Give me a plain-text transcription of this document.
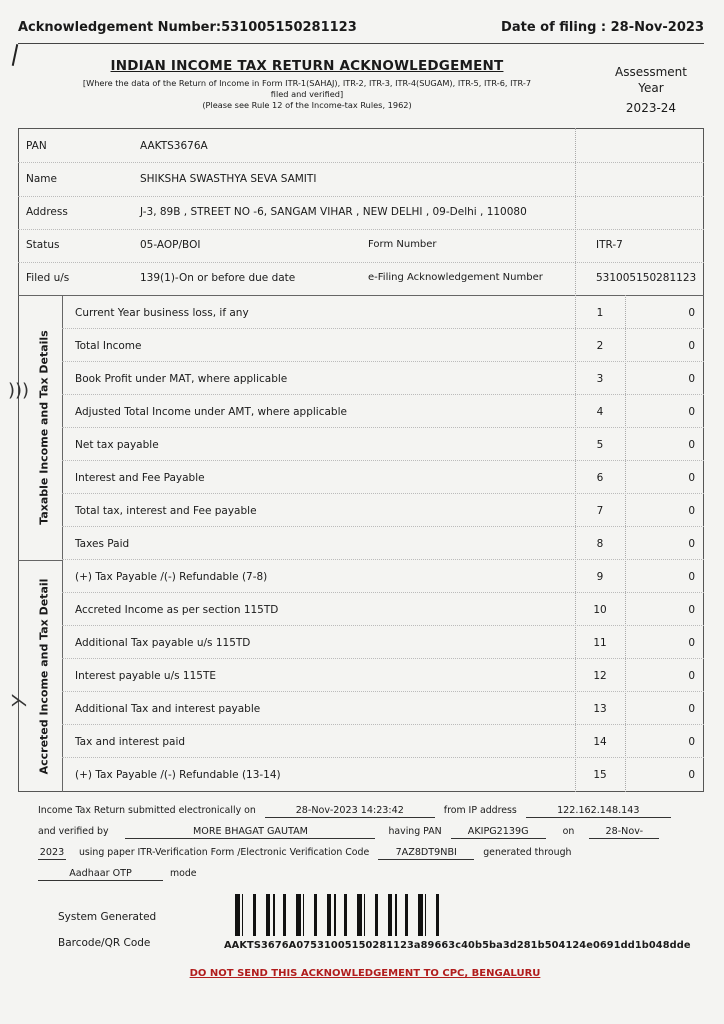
Acknowledgement Number:531005150281123	Date of filing : 28-Nov-2023
INDIAN INCOME TAX RETURN ACKNOWLEDGEMENT
[Where the data of the Return of Income in Form ITR-1(SAHAJ), ITR-2, ITR-3, ITR-4(SUGAM), ITR-5, ITR-6, ITR-7
filed and verified]
(Please see Rule 12 of the Income-tax Rules, 1962)
Assessment
Year
2023-24
PAN	AAKTS3676A
Name	SHIKSHA SWASTHYA SEVA SAMITI
Address	J-3, 89B , STREET NO -6, SANGAM VIHAR , NEW DELHI , 09-Delhi , 110080
Status	05-AOP/BOI	Form Number	ITR-7
Filed u/s	139(1)-On or before due date	e-Filing Acknowledgement Number	531005150281123
Taxable Income and Tax Details
Accreted Income and Tax Detail
)))
⋋
Current Year business loss, if any	1	0
Total Income	2	0
Book Profit under MAT, where applicable	3	0
Adjusted Total Income under AMT, where applicable	4	0
Net tax payable	5	0
Interest and Fee Payable	6	0
Total tax, interest and Fee payable	7	0
Taxes Paid	8	0
(+) Tax Payable /(-) Refundable (7-8)	9	0
Accreted Income as per section 115TD	10	0
Additional Tax payable u/s 115TD	11	0
Interest payable u/s 115TE	12	0
Additional Tax and interest payable	13	0
Tax and interest paid	14	0
(+) Tax Payable /(-) Refundable (13-14)	15	0
Income Tax Return submitted electronically on	28-Nov-2023 14:23:42	from IP address	122.162.148.143
and verified by	MORE BHAGAT GAUTAM	having PAN	AKIPG2139G	on	28-Nov-
2023 using paper ITR-Verification Form /Electronic Verification Code	7AZ8DT9NBI	generated through
Aadhaar OTP	mode
System Generated
Barcode/QR Code	AAKTS3676A07531005150281123a89663c40b5ba3d281b504124e0691dd1b048dde
DO NOT SEND THIS ACKNOWLEDGEMENT TO CPC, BENGALURU
